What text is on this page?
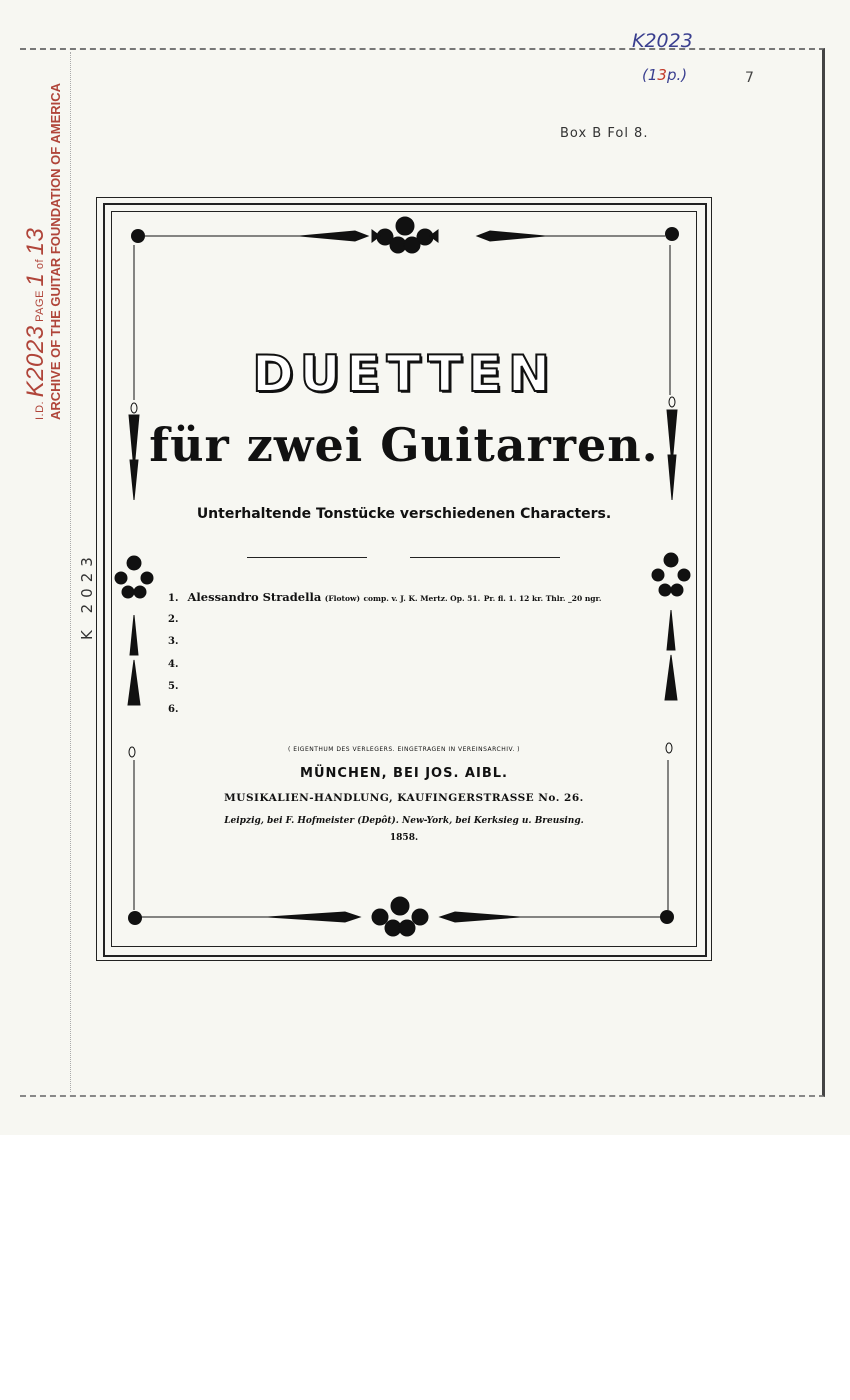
K2023
(13p.)	7
Box B Fol 8.
I.D. K2023 PAGE 1 of 13 ARCHIVE OF THE GUITAR FOUNDATION OF AMERICA
K 2023
DUETTEN
für zwei Guitarren.
Unterhaltende Tonstücke verschiedenen Characters.
1. Alessandro Stradella (Flotow) comp. v. J. K. Mertz. Op. 51. Pr. fl. 1. 12 kr. Thlr. _20 ngr.
2.
3.
4.
5.
6.
( EIGENTHUM DES VERLEGERS. EINGETRAGEN IN VEREINSARCHIV. )
MÜNCHEN, BEI JOS. AIBL.
MUSIKALIEN-HANDLUNG, KAUFINGERSTRASSE No. 26.
Leipzig, bei F. Hofmeister (Depôt). New-York, bei Kerksieg u. Breusing.
1858.
